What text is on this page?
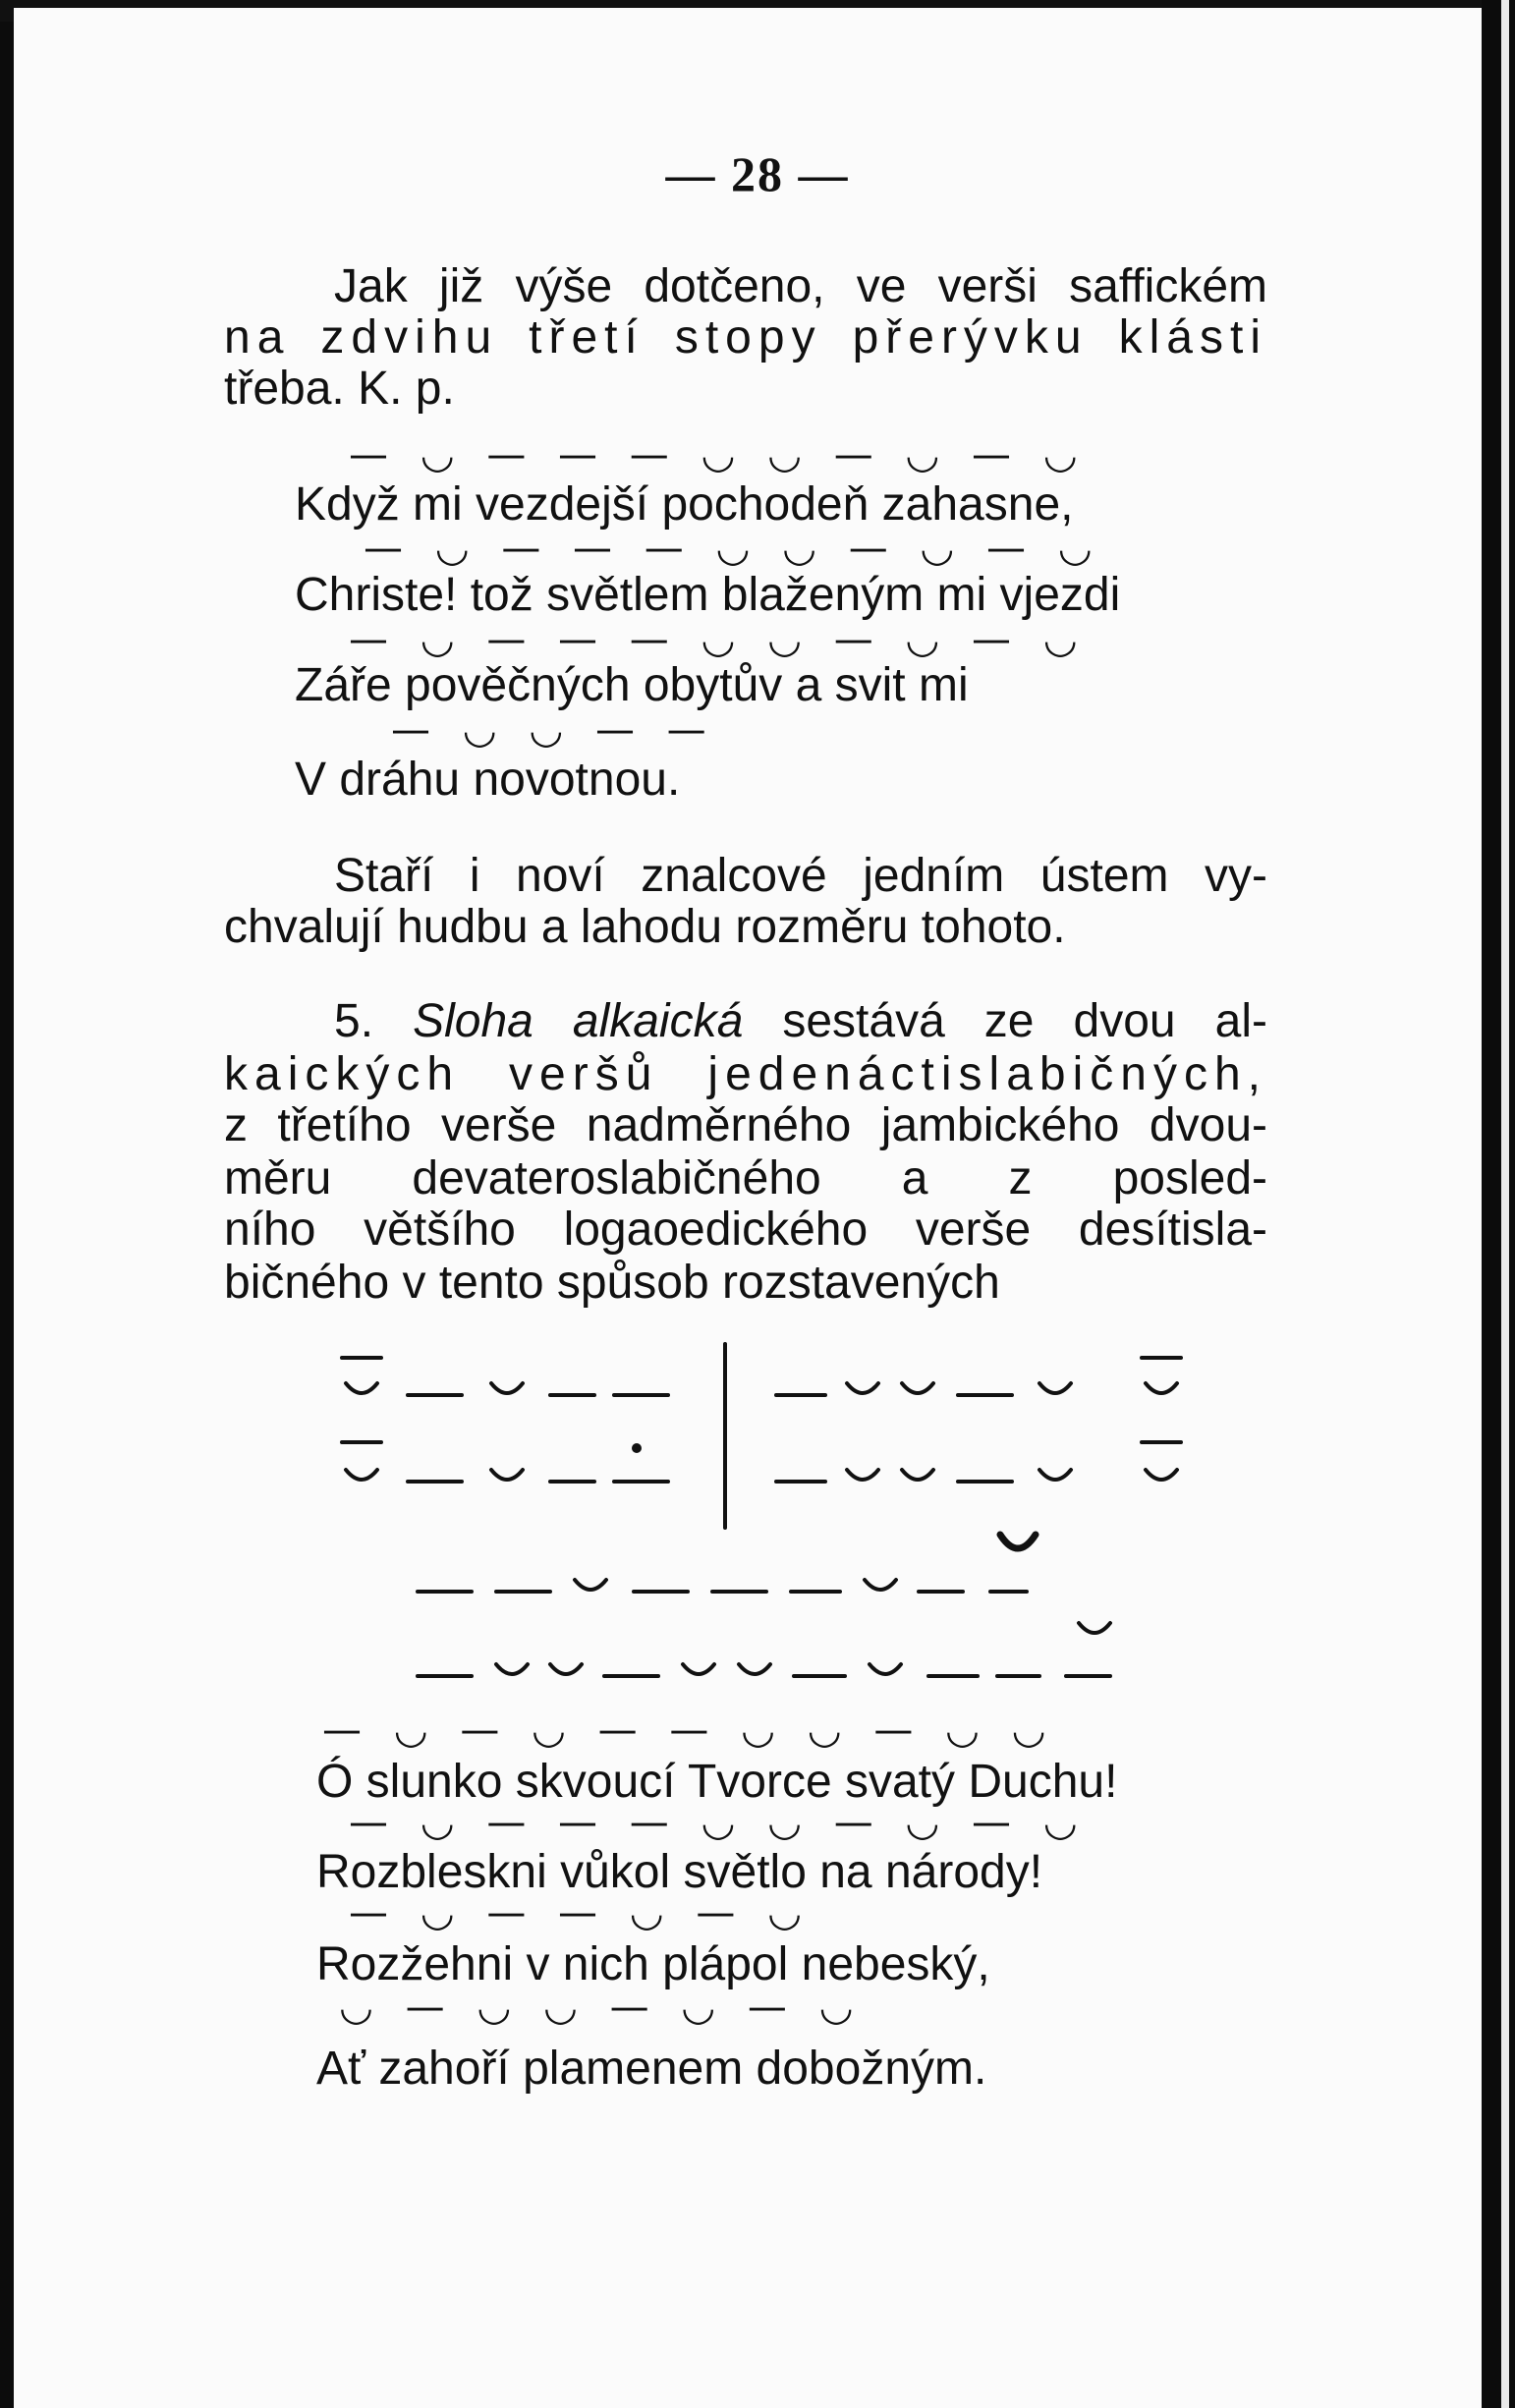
— 28 —
Jak již výše dotčeno, ve verši saffickém
na zdvihu třetí stopy přerývku klásti
třeba. K. p.
— ◡ — — — ◡ ◡ — ◡ — ◡
Když mi vezdejší pochodeň zahasne,
— ◡ — — — ◡ ◡ — ◡ — ◡
Christe! tož světlem blaženým mi vjezdi
— ◡ — — — ◡ ◡ — ◡ — ◡
Záře pověčných obytův a svit mi
— ◡ ◡ — —
V dráhu novotnou.
Staří i noví znalcové jedním ústem vy-
chvalují hudbu a lahodu rozměru tohoto.
5. Sloha alkaická sestává ze dvou al-
kaických veršů jedenáctislabičných,
z třetího verše nadměrného jambického dvou-
měru devateroslabičného a z posled-
ního většího logaoedického verše desítisla-
bičného v tento spůsob rozstavených
— ◡ — ◡ — — ◡ ◡ — ◡ ◡
Ó slunko skvoucí Tvorce svatý Duchu!
— ◡ — — — ◡ ◡ — ◡ — ◡
Rozbleskni vůkol světlo na národy!
— ◡ — — ◡ — ◡
Rozžehni v nich plápol nebeský,
◡ — ◡ ◡ — ◡ — ◡
Ať zahoří plamenem dobožným.
